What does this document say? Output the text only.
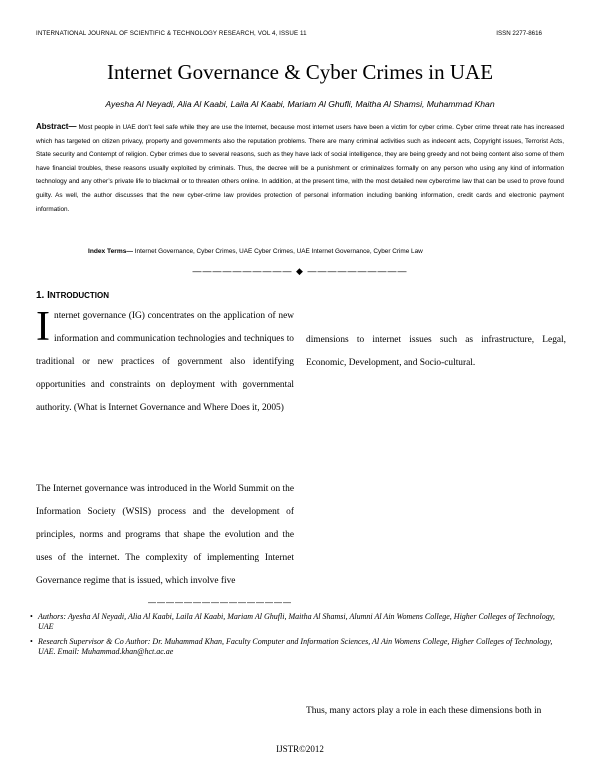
INTERNATIONAL JOURNAL OF SCIENTIFIC & TECHNOLOGY RESEARCH, VOL 4, ISSUE 11	ISSN 2277-8616
Internet Governance & Cyber Crimes in UAE
Ayesha Al Neyadi, Alia Al Kaabi, Laila Al Kaabi, Mariam Al Ghufli, Maitha Al Shamsi, Muhammad Khan
Abstract— Most people in UAE don’t feel safe while they are use the Internet, because most internet users have been a victim for cyber crime. Cyber crime threat rate has increased which has targeted on citizen privacy, property and governments also the reputation problems. There are many criminal activities such as indecent acts, Copyright issues, Terrorist Acts, State security and Contempt of religion. Cyber crimes due to several reasons, such as they have lack of social intelligence, they are being greedy and not being content also some of them have financial troubles, these reasons usually exploited by criminals. Thus, the decree will be a punishment or criminalizes formally on any person who using any kind of information technology and any other’s private life to blackmail or to threaten others online. In addition, at the present time, with the most detailed new cybercrime law that can be used to prove found guilty. As well, the author discusses that the new cyber-crime law provides protection of personal information including banking information, credit cards and electronic payment information.
Index Terms— Internet Governance, Cyber Crimes, UAE Cyber Crimes, UAE Internet Governance, Cyber Crime Law
—————————— ◆ ——————————
1. INTRODUCTION
I nternet governance (IG) concentrates on the application of new information and communication technologies and techniques to traditional or new practices of government also identifying opportunities and constraints on deployment with governmental authority. (What is Internet Governance and Where Does it, 2005)
The Internet governance was introduced in the World Summit on the Information Society (WSIS) process and the development of principles, norms and programs that shape the evolution and the uses of the internet. The complexity of implementing Internet Governance regime that is issued, which involve five
dimensions to internet issues such as infrastructure, Legal, Economic, Development, and Socio-cultural.
————————————————
• Authors: Ayesha Al Neyadi, Alia Al Kaabi, Laila Al Kaabi, Mariam Al Ghufli, Maitha Al Shamsi, Alumni Al Ain Womens College, Higher Colleges of Technology, UAE
• Research Supervisor & Co Author: Dr. Muhammad Khan, Faculty Computer and Information Sciences, Al Ain Womens College, Higher Colleges of Technology, UAE. Email: Muhammad.khan@hct.ac.ae
Thus, many actors play a role in each these dimensions both in
IJSTR©2012
